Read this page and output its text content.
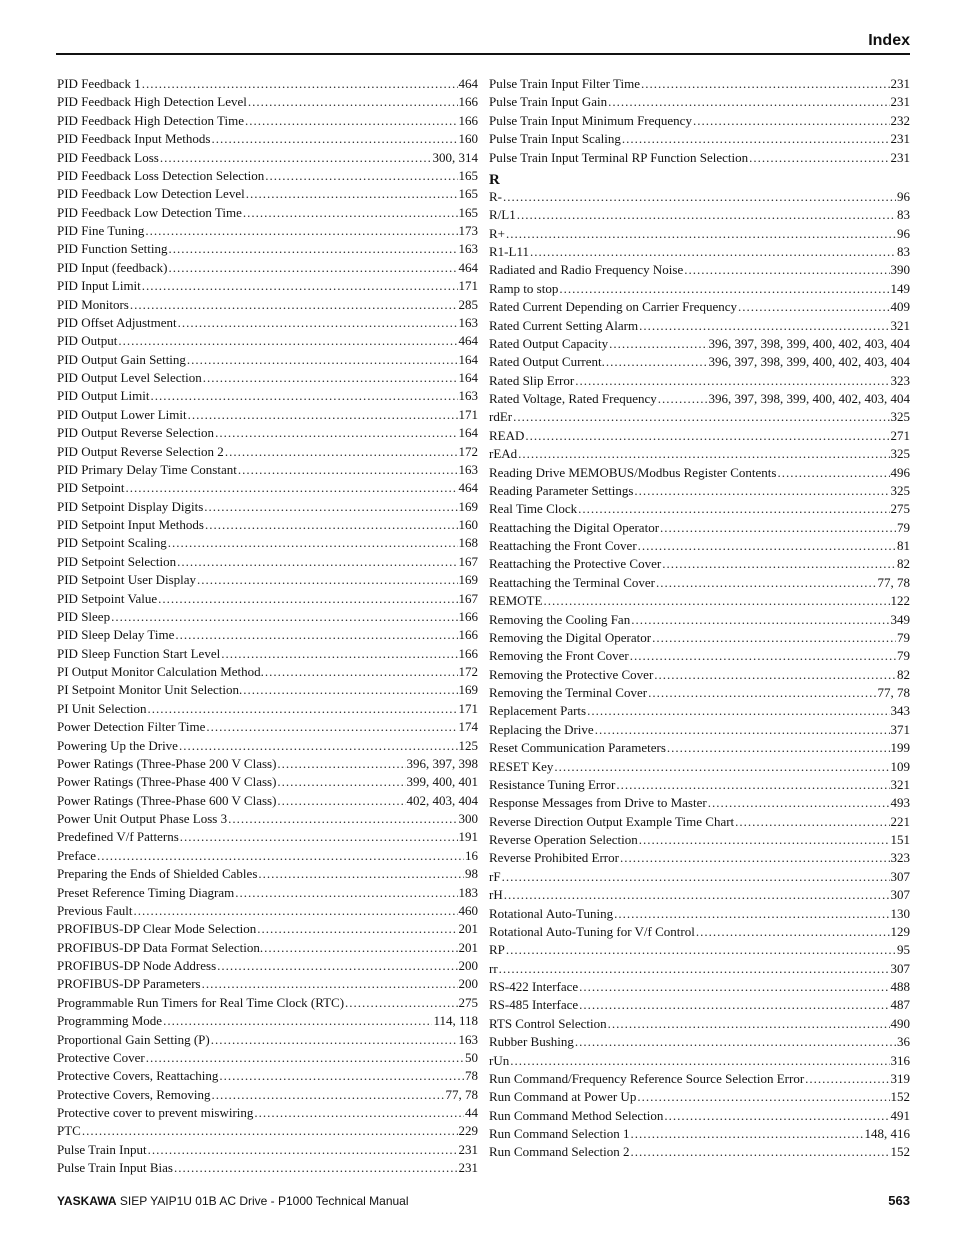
Index
PID Feedback 1 .....	464
PID Feedback High Detection Level .....	166
PID Feedback High Detection Time .....	166
PID Feedback Input Methods .....	160
PID Feedback Loss .....	300, 314
PID Feedback Loss Detection Selection .....	165
PID Feedback Low Detection Level .....	165
PID Feedback Low Detection Time .....	165
PID Fine Tuning .....	173
PID Function Setting .....	163
PID Input (feedback) .....	464
PID Input Limit .....	171
PID Monitors .....	285
PID Offset Adjustment .....	163
PID Output .....	464
PID Output Gain Setting .....	164
PID Output Level Selection .....	164
PID Output Limit .....	163
PID Output Lower Limit .....	171
PID Output Reverse Selection .....	164
PID Output Reverse Selection 2 .....	172
PID Primary Delay Time Constant .....	163
PID Setpoint .....	464
PID Setpoint Display Digits .....	169
PID Setpoint Input Methods .....	160
PID Setpoint Scaling .....	168
PID Setpoint Selection .....	167
PID Setpoint User Display .....	169
PID Setpoint Value .....	167
PID Sleep .....	166
PID Sleep Delay Time .....	166
PID Sleep Function Start Level .....	166
PI Output Monitor Calculation Method. .....	172
PI Setpoint Monitor Unit Selection. .....	169
PI Unit Selection .....	171
Power Detection Filter Time .....	174
Powering Up the Drive .....	125
Power Ratings (Three-Phase 200 V Class) .....	396, 397, 398
Power Ratings (Three-Phase 400 V Class) .....	399, 400, 401
Power Ratings (Three-Phase 600 V Class) .....	402, 403, 404
Power Unit Output Phase Loss 3 .....	300
Predefined V/f Patterns .....	191
Preface .....	16
Preparing the Ends of Shielded Cables .....	98
Preset Reference Timing Diagram .....	183
Previous Fault .....	460
PROFIBUS-DP Clear Mode Selection .....	201
PROFIBUS-DP Data Format Selection. .....	201
PROFIBUS-DP Node Address .....	200
PROFIBUS-DP Parameters .....	200
Programmable Run Timers for Real Time Clock (RTC) .....	275
Programming Mode .....	114, 118
Proportional Gain Setting (P) .....	163
Protective Cover .....	50
Protective Covers, Reattaching .....	78
Protective Covers, Removing .....	77, 78
Protective cover to prevent miswiring .....	44
PTC .....	229
Pulse Train Input .....	231
Pulse Train Input Bias .....	231
Pulse Train Input Filter Time .....	231
Pulse Train Input Gain .....	231
Pulse Train Input Minimum Frequency .....	232
Pulse Train Input Scaling .....	231
Pulse Train Input Terminal RP Function Selection .....	231
R
R- .....	96
R/L1 .....	83
R+ .....	96
R1-L11 .....	83
Radiated and Radio Frequency Noise .....	390
Ramp to stop .....	149
Rated Current Depending on Carrier Frequency .....	409
Rated Current Setting Alarm .....	321
Rated Output Capacity .....	396, 397, 398, 399, 400, 402, 403, 404
Rated Output Current. .....	396, 397, 398, 399, 400, 402, 403, 404
Rated Slip Error .....	323
Rated Voltage, Rated Frequency .....	396, 397, 398, 399, 400, 402, 403, 404
rdEr .....	325
READ .....	271
rEAd .....	325
Reading Drive MEMOBUS/Modbus Register Contents .....	496
Reading Parameter Settings .....	325
Real Time Clock .....	275
Reattaching the Digital Operator .....	79
Reattaching the Front Cover .....	81
Reattaching the Protective Cover .....	82
Reattaching the Terminal Cover .....	77, 78
REMOTE .....	122
Removing the Cooling Fan .....	349
Removing the Digital Operator .....	79
Removing the Front Cover .....	79
Removing the Protective Cover .....	82
Removing the Terminal Cover .....	77, 78
Replacement Parts .....	343
Replacing the Drive .....	371
Reset Communication Parameters .....	199
RESET Key .....	109
Resistance Tuning Error .....	321
Response Messages from Drive to Master .....	493
Reverse Direction Output Example Time Chart .....	221
Reverse Operation Selection .....	151
Reverse Prohibited Error .....	323
rF .....	307
rH .....	307
Rotational Auto-Tuning .....	130
Rotational Auto-Tuning for V/f Control .....	129
RP .....	95
rr .....	307
RS-422 Interface .....	488
RS-485 Interface .....	487
RTS Control Selection .....	490
Rubber Bushing .....	36
rUn .....	316
Run Command/Frequency Reference Source Selection Error .....	319
Run Command at Power Up .....	152
Run Command Method Selection .....	491
Run Command Selection 1 .....	148, 416
Run Command Selection 2 .....	152
YASKAWA SIEP YAIP1U 01B AC Drive - P1000 Technical Manual	563
